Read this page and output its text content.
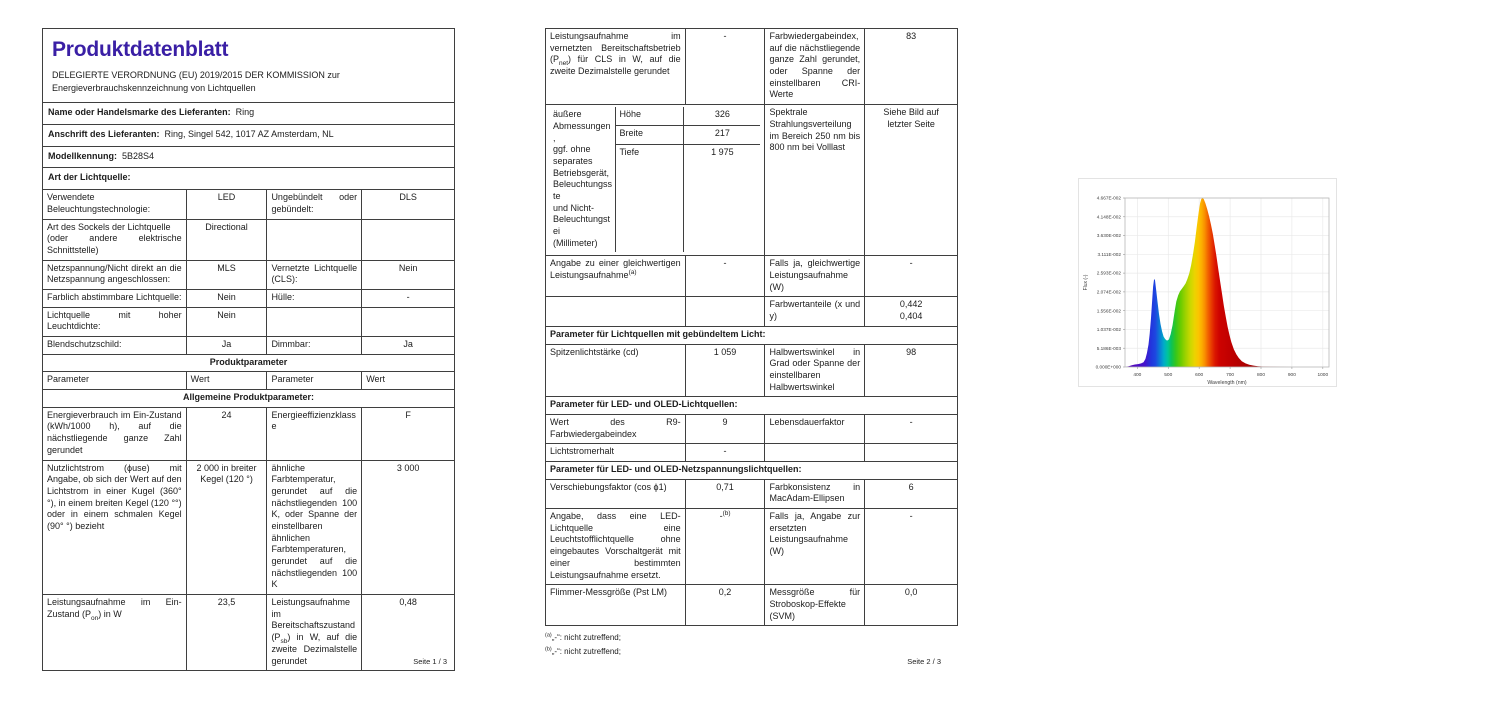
Produktdatenblatt
DELEGIERTE VERORDNUNG (EU) 2019/2015 DER KOMMISSION zur
Energieverbrauchskennzeichnung von Lichtquellen			

Name oder Handelsmarke des Lieferanten: Ring			
Anschrift des Lieferanten: Ring, Singel 542, 1017 AZ Amsterdam, NL			
Modellkennung: 5B28S4			
Art der Lichtquelle:			
Verwendete Beleuchtungstechnologie:	LED	Ungebündelt oder gebündelt:	DLS
Art des Sockels der Lichtquelle
(oder andere elektrische Schnittstelle)	Directional		
Netzspannung/Nicht direkt an die Netzspannung angeschlossen:	MLS	Vernetzte Lichtquelle (CLS):	Nein
Farblich abstimmbare Lichtquelle:	Nein	Hülle:	-
Lichtquelle mit hoher Leuchtdichte:	Nein		
Blendschutzschild:	Ja	Dimmbar:	Ja
Produktparameter			
Parameter	Wert	Parameter	Wert
Allgemeine Produktparameter:			
Energieverbrauch im Ein-Zustand (kWh/1000 h), auf die nächstliegende ganze Zahl gerundet	24	Energieeffizienzklasse	F
Nutzlichtstrom (ϕuse) mit Angabe, ob sich der Wert auf den Lichtstrom in einer Kugel (360° °), in einem breiten Kegel (120 °°) oder in einem schmalen Kegel (90° °) bezieht	2 000 in breiter Kegel (120 °)	ähnliche Farbtemperatur, gerundet auf die nächstliegenden 100 K, oder Spanne der einstellbaren ähnlichen Farbtemperaturen, gerundet auf die nächstliegenden 100 K	3 000
Leistungsaufnahme im Ein-Zustand $(P_{on})$ in W	23,5	Leistungsaufnahme im Bereitschaftszustand $(P_{sb})$ in W, auf die zweite Dezimalstelle gerundet	0,48
Leistungsaufnahme im vernetzten Bereitschaftsbetrieb $(P_{net})$ für CLS in W, auf die zweite Dezimalstelle gerundet	-	Farbwiedergabeindex, auf die nächstliegende ganze Zahl gerundet, oder Spanne der einstellbaren CRI-Werte	83

äußere
Abmessungen,
ggf. ohne
separates
Betriebsgerät,
Beleuchtungsste
und Nicht-
Beleuchtungstei
(Millimeter)	Höhe	326
Breite	217
Tiefe	1 975
	Spektrale Strahlungsverteilung im Bereich 250 nm bis 800 nm bei Volllast	Siehe Bild auf
letzter Seite
Angabe zu einer gleichwertigen Leistungsaufnahme$^{(a)}$	-	Falls ja, gleichwertige Leistungsaufnahme (W)	-
		Farbwertanteile (x und y)	0,442
0,404
Parameter für Lichtquellen mit gebündeltem Licht:
Spitzenlichtstärke (cd)	1 059	Halbwertswinkel in Grad oder Spanne der einstellbaren Halbwertswinkel	98
Parameter für LED- und OLED-Lichtquellen:
Wert des R9-Farbwiedergabeindex	9	Lebensdauerfaktor	-
Lichtstromerhalt	-		
Parameter für LED- und OLED-Netzspannungslichtquellen:
Verschiebungsfaktor (cos ϕ1)	0,71	Farbkonsistenz in MacAdam-Ellipsen	6
Angabe, dass eine LED-Lichtquelle eine Leuchtstofflichtquelle ohne eingebautes Vorschaltgerät mit einer bestimmten Leistungsaufnahme ersetzt.	-$^{(b)}$	Falls ja, Angabe zur ersetzten Leistungsaufnahme (W)	-
Flimmer-Messgröße (Pst LM)	0,2	Messgröße für Stroboskop-Effekte (SVM)	0,0
$^{(a)}$„-“: nicht zutreffend;
$^{(b)}$„-“: nicht zutreffend;
Seite 1 / 3	Seite 2 / 3
0.000E+000
5.186E-003
1.037E-002
1.556E-002
2.074E-002
2.593E-002
3.111E-002
3.630E-002
4.148E-002
4.667E-002
400	500	600	700	800	900	1000
Wavelength (nm)
Flux (-)
